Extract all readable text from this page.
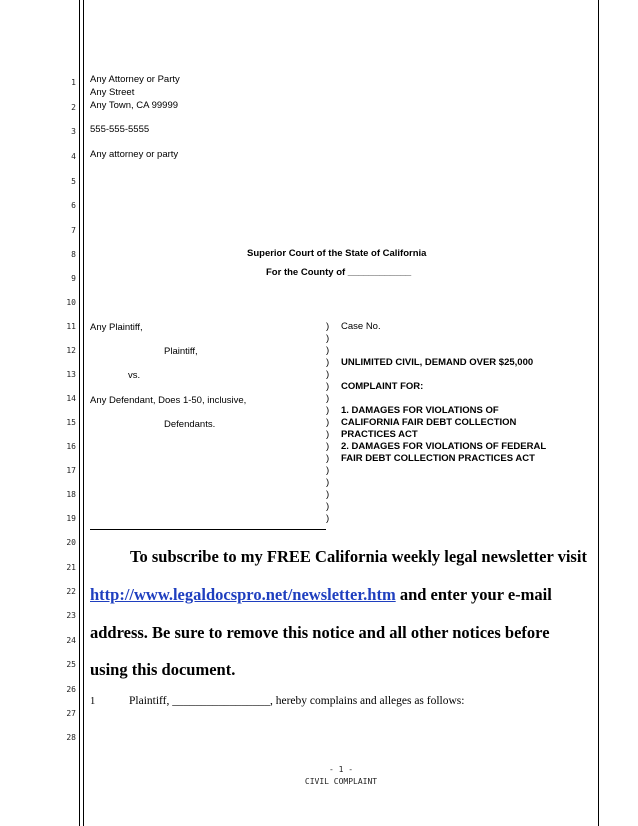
1
2
3
4
5
6
7
8
9
10
11
12
13
14
15
16
17
18
19
20
21
22
23
24
25
26
27
28
Any Attorney or Party
Any Street
Any Town, CA 99999
555-555-5555
Any attorney or party
Superior Court of the State of California
For the County of ____________
Any Plaintiff,
Plaintiff,
vs.
Any Defendant, Does 1-50, inclusive,
Defendants.
)
)
)
)
)
)
)
)
)
)
)
)
)
)
)
)
)
Case No.
UNLIMITED CIVIL, DEMAND OVER $25,000
COMPLAINT FOR:
1. DAMAGES FOR VIOLATIONS OF
CALIFORNIA FAIR DEBT COLLECTION
PRACTICES ACT
2. DAMAGES FOR VIOLATIONS OF FEDERAL
FAIR DEBT COLLECTION PRACTICES ACT
To subscribe to my FREE California weekly legal newsletter visit
http://www.legaldocspro.net/newsletter.htm and enter your e-mail
address. Be sure to remove this notice and all other notices before
using this document.
1	Plaintiff, _________________, hereby complains and alleges as follows:
- 1 -
CIVIL COMPLAINT
